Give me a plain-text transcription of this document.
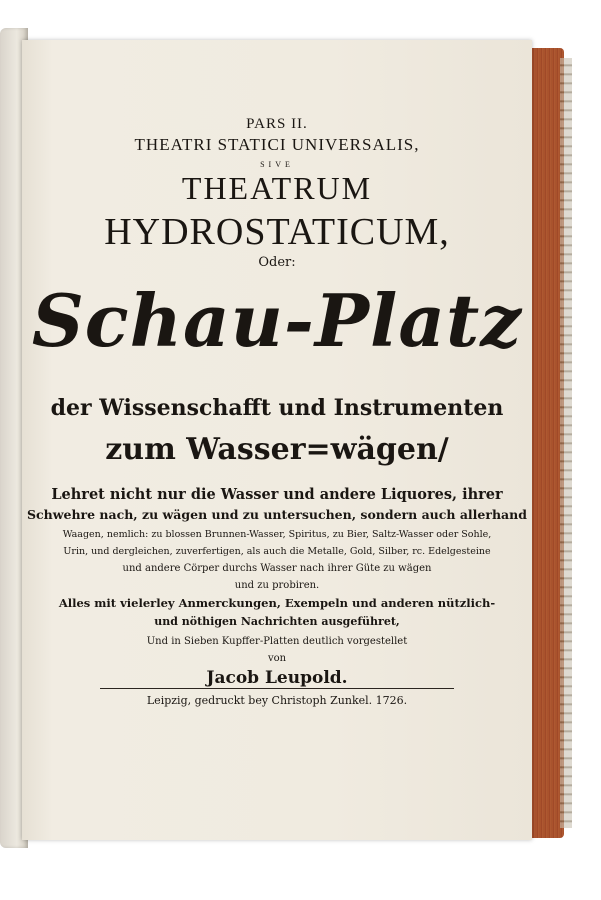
PARS II.
THEATRI STATICI UNIVERSALIS,
SIVE
THEATRUM
HYDROSTATICUM,
Oder:
Schau-Platz
der Wissenschafft und Instrumenten
zum Wasser=wägen/
Lehret nicht nur die Wasser und andere Liquores, ihrer
Schwehre nach, zu wägen und zu untersuchen, sondern auch allerhand
Waagen, nemlich: zu blossen Brunnen-Wasser, Spiritus, zu Bier, Saltz-Wasser oder Sohle,
Urin, und dergleichen, zuverfertigen, als auch die Metalle, Gold, Silber, rc. Edelgesteine
und andere Cörper durchs Wasser nach ihrer Güte zu wägen
und zu probiren.
Alles mit vielerley Anmerckungen, Exempeln und anderen nützlich-
und nöthigen Nachrichten ausgeführet,
Und in Sieben Kupffer-Platten deutlich vorgestellet
von
Jacob Leupold.
Leipzig, gedruckt bey Christoph Zunkel. 1726.
